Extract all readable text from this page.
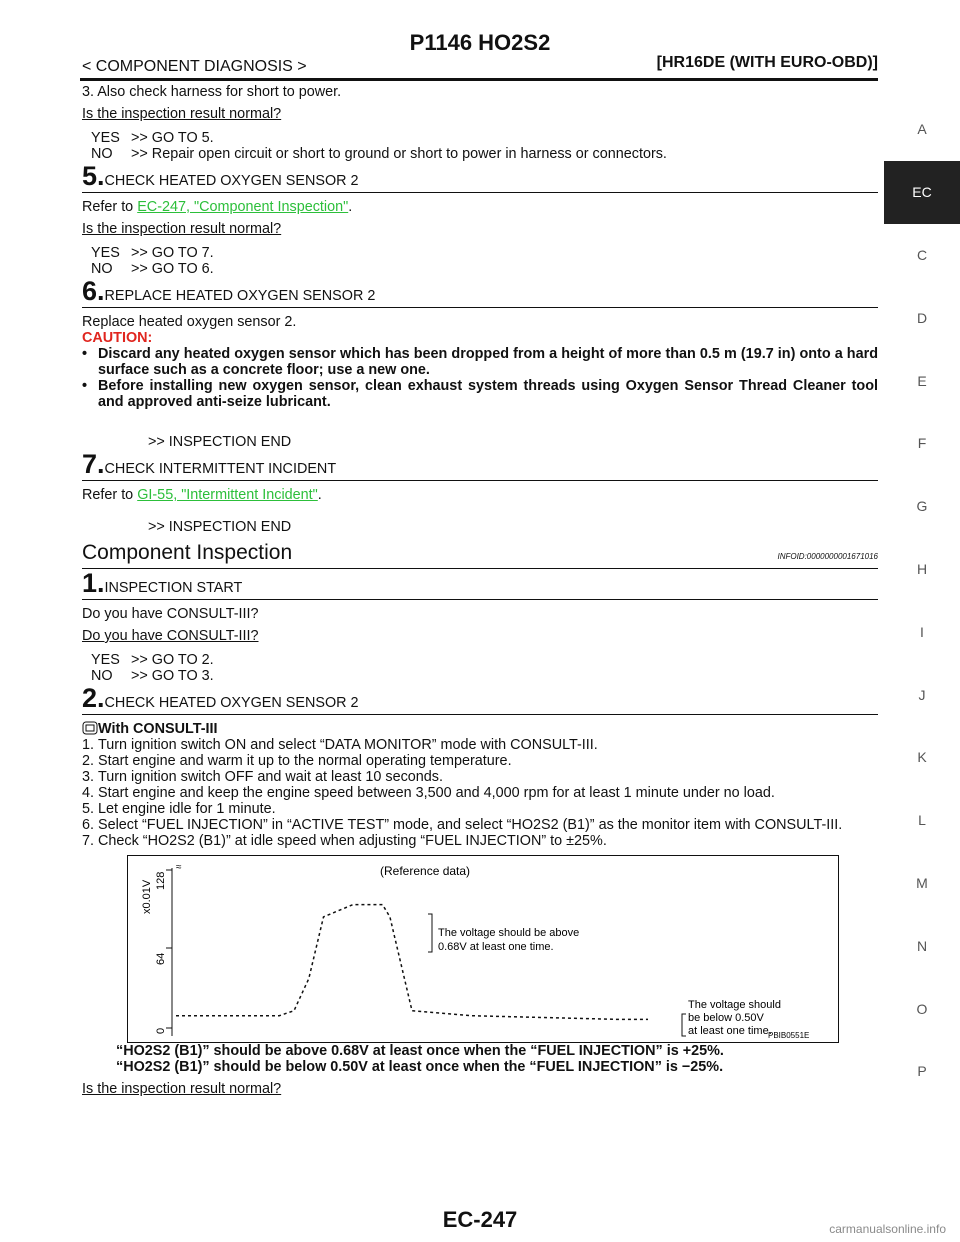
P1146 HO2S2
< COMPONENT DIAGNOSIS >	[HR16DE (WITH EURO-OBD)]
A
EC
C
D
E
F
G
H
I
J
K
L
M
N
O
P

3. Also check harness for short to power.

Is the inspection result normal?

YES >> GO TO 5.
NO	>> Repair open circuit or short to ground or short to power in harness or connectors.
5.CHECK HEATED OXYGEN SENSOR 2

Refer to EC-247, "Component Inspection".

Is the inspection result normal?

YES >> GO TO 7.
NO	>> GO TO 6.
6.REPLACE HEATED OXYGEN SENSOR 2

Replace heated oxygen sensor 2.

CAUTION:

• Discard any heated oxygen sensor which has been dropped from a height of more than 0.5 m (19.7 in) onto a hard surface such as a concrete floor; use a new one.

• Before installing new oxygen sensor, clean exhaust system threads using Oxygen Sensor Thread Cleaner tool and approved anti-seize lubricant.

>> INSPECTION END

7.CHECK INTERMITTENT INCIDENT

Refer to GI-55, "Intermittent Incident".

>> INSPECTION END

Component Inspection	INFOID:0000000001671016
1.INSPECTION START

Do you have CONSULT-III?

Do you have CONSULT-III?

YES >> GO TO 2.
NO	>> GO TO 3.
2.CHECK HEATED OXYGEN SENSOR 2

With CONSULT-III

1. Turn ignition switch ON and select “DATA MONITOR” mode with CONSULT-III.

2. Start engine and warm it up to the normal operating temperature.

3. Turn ignition switch OFF and wait at least 10 seconds.

4. Start engine and keep the engine speed between 3,500 and 4,000 rpm for at least 1 minute under no load.

5. Let engine idle for 1 minute.

6. Select “FUEL INJECTION” in “ACTIVE TEST” mode, and select “HO2S2 (B1)” as the monitor item with CONSULT-III.

7. Check “HO2S2 (B1)” at idle speed when adjusting “FUEL INJECTION” to ±25%.

(Reference data)
x0.01V 128
64
0
≈
The voltage should be above
0.68V at least one time.
The voltage should
be below 0.50V
at least one time.
PBIB0551E

“HO2S2 (B1)” should be above 0.68V at least once when the “FUEL INJECTION” is +25%.

“HO2S2 (B1)” should be below 0.50V at least once when the “FUEL INJECTION” is −25%.

Is the inspection result normal?

EC-247	carmanualsonline.info
